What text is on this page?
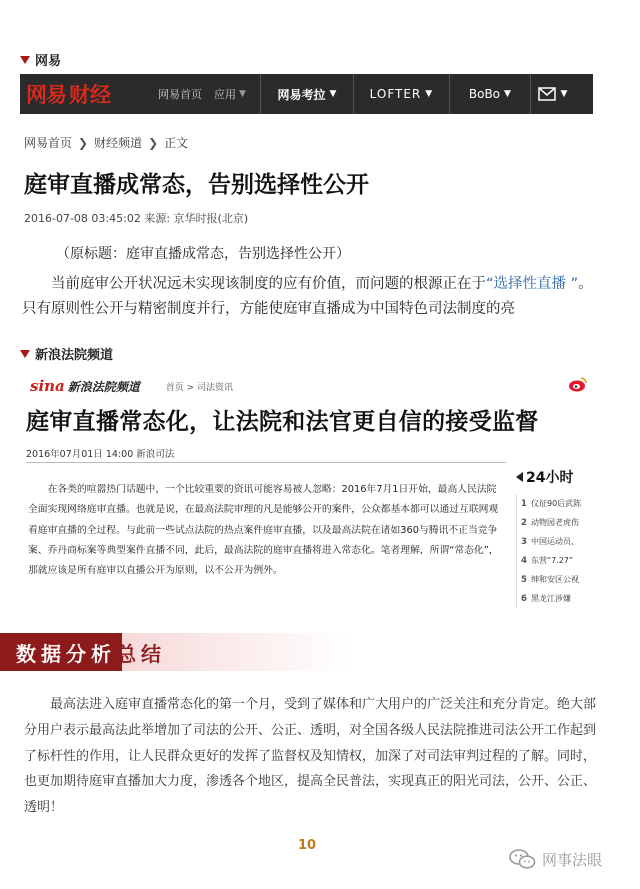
网易
网易 财经	网易首页 应用 ▼	网易考拉 ▼	LOFTER ▼	BoBo ▼	▼
网易首页 ❯ 财经频道 ❯ 正文
庭审直播成常态，告别选择性公开
2016-07-08 03:45:02 来源: 京华时报(北京)
（原标题：庭审直播成常态，告别选择性公开）
当前庭审公开状况远未实现该制度的应有价值，而问题的根源正在于“选择性直播 ”。只有原则性公开与精密制度并行，方能使庭审直播成为中国特色司法制度的亮
新浪法院频道
sina 新浪法院频道	首页 > 司法资讯
庭审直播常态化，让法院和法官更自信的接受监督
2016年07月01日 14:00 新浪司法
在各类的喧嚣热门话题中，一个比较重要的资讯可能容易被人忽略：2016年7月1日开始，最高人民法院全面实现网络庭审直播。也就是说，在最高法院审理的凡是能够公开的案件，公众都基本都可以通过互联网观看庭审直播的全过程。与此前一些试点法院的热点案件庭审直播，以及最高法院在诸如360与腾讯不正当竞争案、乔丹商标案等典型案件直播不同，此后，最高法院的庭审直播将进入常态化。笔者理解，所谓“常态化”，那就应该是所有庭审以直播公开为原则，以不公开为例外。
24小时
1 仪征90后武陈
2 动物园老虎伤
3 中国运动员、
4 东营“7.27”
5 绅和安区公视
6 黑龙江涉嫌
数据分析总结
最高法进入庭审直播常态化的第一个月，受到了媒体和广大用户的广泛关注和充分肯定。绝大部分用户表示最高法此举增加了司法的公开、公正、透明，对全国各级人民法院推进司法公开工作起到了标杆性的作用，让人民群众更好的发挥了监督权及知情权，加深了对司法审判过程的了解。同时，也更加期待庭审直播加大力度，渗透各个地区，提高全民普法，实现真正的阳光司法，公开、公正、透明！
10
网事法眼
